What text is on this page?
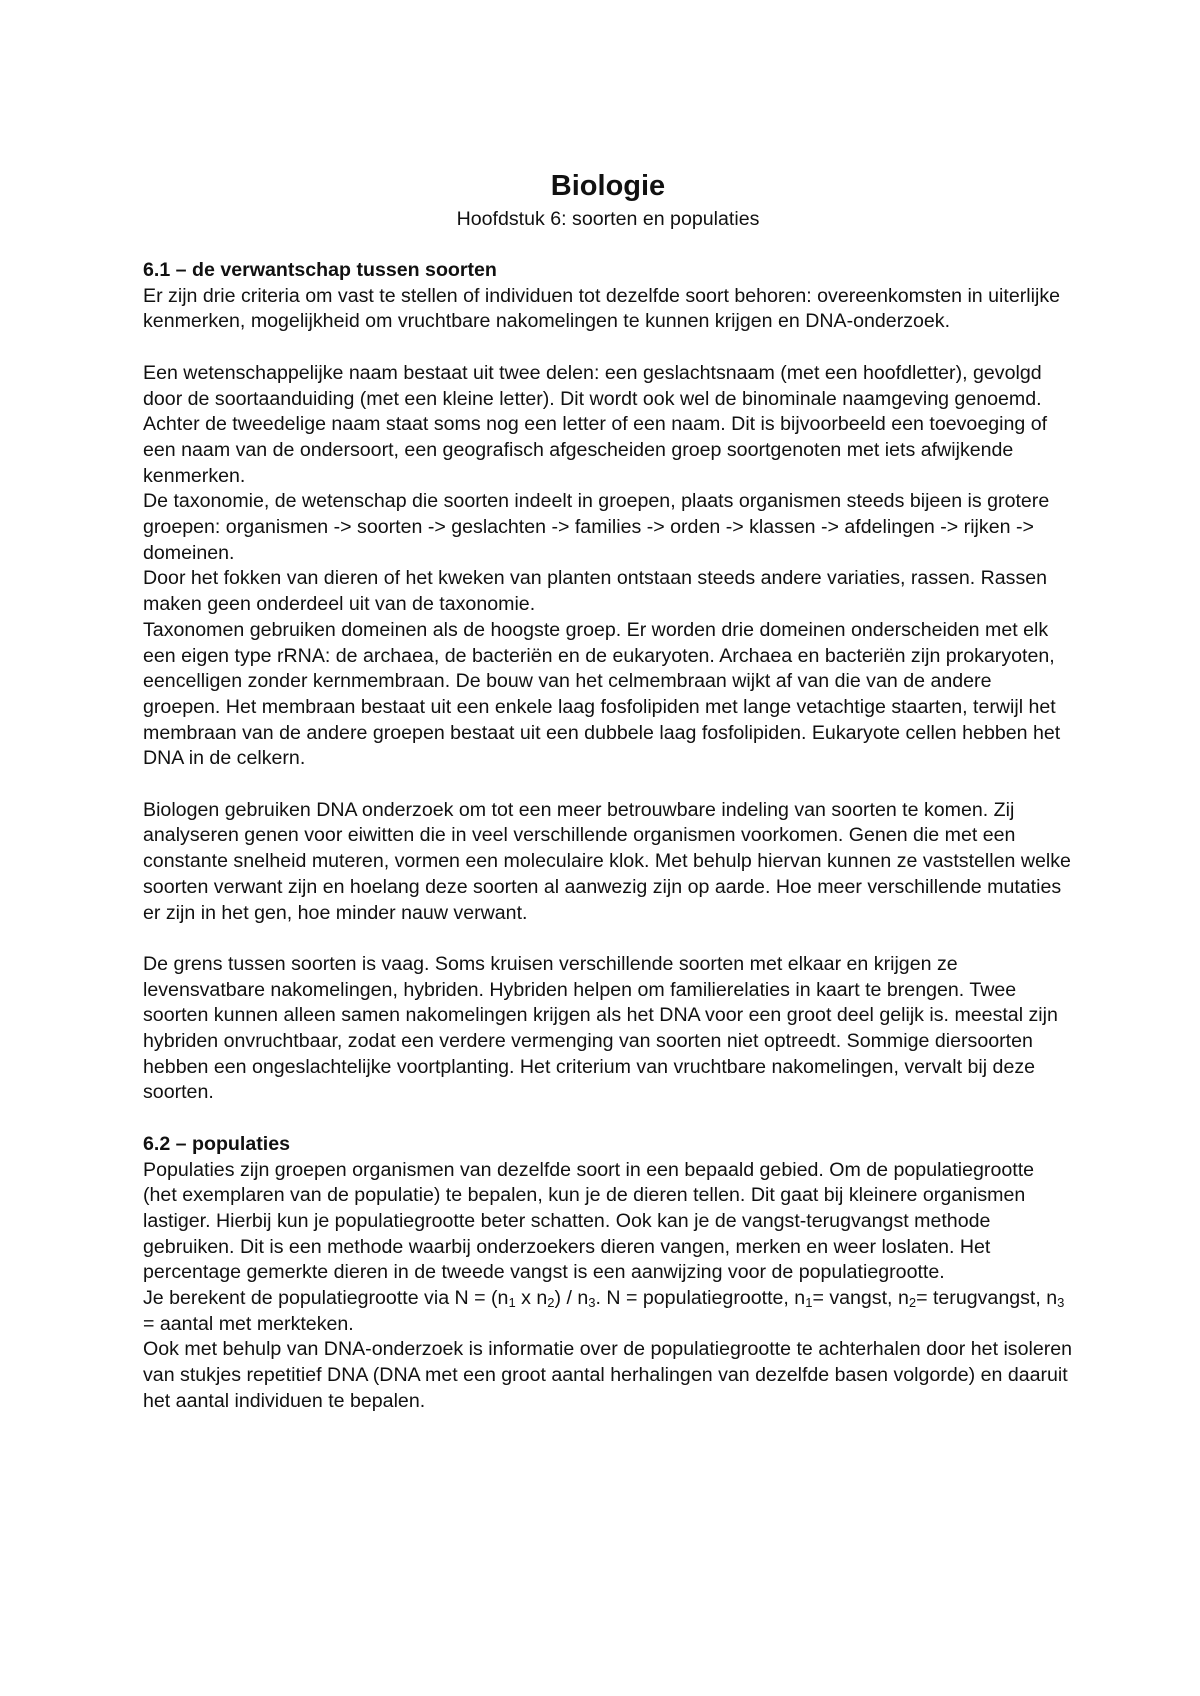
Biologie
Hoofdstuk 6: soorten en populaties
6.1 – de verwantschap tussen soorten

Er zijn drie criteria om vast te stellen of individuen tot dezelfde soort behoren: overeenkomsten in uiterlijke kenmerken, mogelijkheid om vruchtbare nakomelingen te kunnen krijgen en DNA-onderzoek.

Een wetenschappelijke naam bestaat uit twee delen: een geslachtsnaam (met een hoofdletter), gevolgd door de soortaanduiding (met een kleine letter). Dit wordt ook wel de binominale naamgeving genoemd. Achter de tweedelige naam staat soms nog een letter of een naam. Dit is bijvoorbeeld een toevoeging of een naam van de ondersoort, een geografisch afgescheiden groep soortgenoten met iets afwijkende kenmerken.

De taxonomie, de wetenschap die soorten indeelt in groepen, plaats organismen steeds bijeen is grotere groepen: organismen -> soorten -> geslachten -> families -> orden -> klassen -> afdelingen -> rijken -> domeinen.

Door het fokken van dieren of het kweken van planten ontstaan steeds andere variaties, rassen. Rassen maken geen onderdeel uit van de taxonomie.

Taxonomen gebruiken domeinen als de hoogste groep. Er worden drie domeinen onderscheiden met elk een eigen type rRNA: de archaea, de bacteriën en de eukaryoten. Archaea en bacteriën zijn prokaryoten, eencelligen zonder kernmembraan. De bouw van het celmembraan wijkt af van die van de andere groepen. Het membraan bestaat uit een enkele laag fosfolipiden met lange vetachtige staarten, terwijl het membraan van de andere groepen bestaat uit een dubbele laag fosfolipiden. Eukaryote cellen hebben het DNA in de celkern.

Biologen gebruiken DNA onderzoek om tot een meer betrouwbare indeling van soorten te komen. Zij analyseren genen voor eiwitten die in veel verschillende organismen voorkomen. Genen die met een constante snelheid muteren, vormen een moleculaire klok. Met behulp hiervan kunnen ze vaststellen welke soorten verwant zijn en hoelang deze soorten al aanwezig zijn op aarde. Hoe meer verschillende mutaties er zijn in het gen, hoe minder nauw verwant.

De grens tussen soorten is vaag. Soms kruisen verschillende soorten met elkaar en krijgen ze levensvatbare nakomelingen, hybriden. Hybriden helpen om familierelaties in kaart te brengen. Twee soorten kunnen alleen samen nakomelingen krijgen als het DNA voor een groot deel gelijk is. meestal zijn hybriden onvruchtbaar, zodat een verdere vermenging van soorten niet optreedt. Sommige diersoorten hebben een ongeslachtelijke voortplanting. Het criterium van vruchtbare nakomelingen, vervalt bij deze soorten.

6.2 – populaties

Populaties zijn groepen organismen van dezelfde soort in een bepaald gebied. Om de populatiegrootte (het exemplaren van de populatie) te bepalen, kun je de dieren tellen. Dit gaat bij kleinere organismen lastiger. Hierbij kun je populatiegrootte beter schatten. Ook kan je de vangst-terugvangst methode gebruiken. Dit is een methode waarbij onderzoekers dieren vangen, merken en weer loslaten. Het percentage gemerkte dieren in de tweede vangst is een aanwijzing voor de populatiegrootte.

Je berekent de populatiegrootte via $N = (n_1$ x $n_2) / n_3$. N = populatiegrootte, $n_1=$ vangst, $n_2=$ terugvangst, $n_3$ = aantal met merkteken.

Ook met behulp van DNA-onderzoek is informatie over de populatiegrootte te achterhalen door het isoleren van stukjes repetitief DNA (DNA met een groot aantal herhalingen van dezelfde basen volgorde) en daaruit het aantal individuen te bepalen.
